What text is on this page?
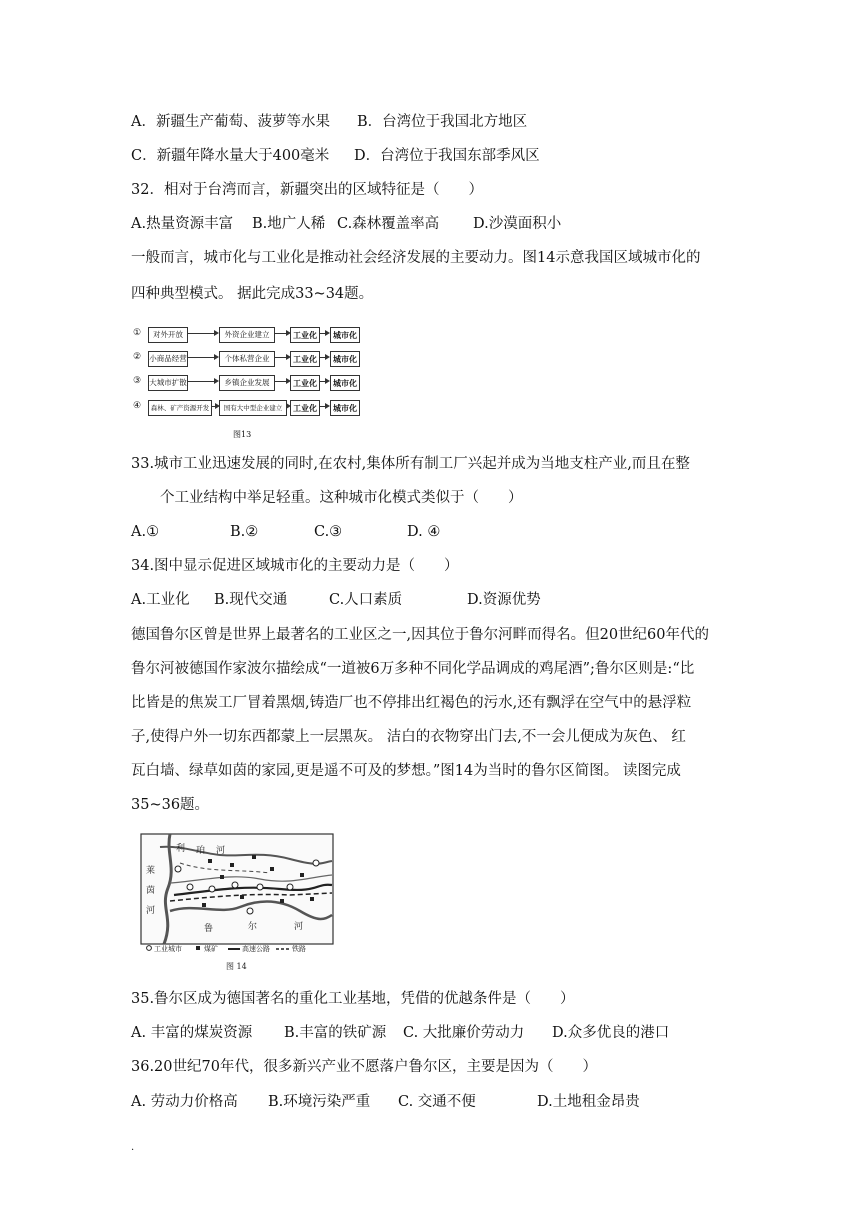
A．新疆生产葡萄、菠萝等水果 B．台湾位于我国北方地区
C．新疆年降水量大于400毫米 D．台湾位于我国东部季风区
32．相对于台湾而言，新疆突出的区域特征是（　　）
A.热量资源丰富 B.地广人稀 C.森林覆盖率高 D.沙漠面积小
一般而言，城市化与工业化是推动社会经济发展的主要动力。图14示意我国区域城市化的
四种典型模式。 据此完成33~34题。
①	对外开放	外资企业建立	工业化	城市化
② 小商品经营	个体私营企业	工业化	城市化
③ 大城市扩散	乡镇企业发展	工业化	城市化
④	森林、矿产资源开发	国有大中型企业建立	工业化	城市化
图13
33.城市工业迅速发展的同时,在农村,集体所有制工厂兴起并成为当地支柱产业,而且在整
个工业结构中举足轻重。这种城市化模式类似于（　　）
A.①	B.②	C.③	D. ④
34.图中显示促进区域城市化的主要动力是（　　）
A.工业化 B.现代交通	C.人口素质	D.资源优势
德国鲁尔区曾是世界上最著名的工业区之一,因其位于鲁尔河畔而得名。但20世纪60年代的
鲁尔河被德国作家波尔描绘成“一道被6万多种不同化学品调成的鸡尾酒”;鲁尔区则是:“比
比皆是的焦炭工厂冒着黑烟,铸造厂也不停排出红褐色的污水,还有飘浮在空气中的悬浮粒
子,使得户外一切东西都蒙上一层黑灰。 洁白的衣物穿出门去,不一会儿便成为灰色、 红
瓦白墙、绿草如茵的家园,更是遥不可及的梦想。”图14为当时的鲁尔区简图。 读图完成
35~36题。
利 珀 河
莱
茵
河
鲁	尔	河
工业城市	煤矿	高速公路	铁路
图 14
35.鲁尔区成为德国著名的重化工业基地，凭借的优越条件是（　　）
A. 丰富的煤炭资源 B.丰富的铁矿源 C. 大批廉价劳动力 D.众多优良的港口
36.20世纪70年代，很多新兴产业不愿落户鲁尔区，主要是因为（　　）
A. 劳动力价格高 B.环境污染严重 C. 交通不便	D.土地租金昂贵
.
